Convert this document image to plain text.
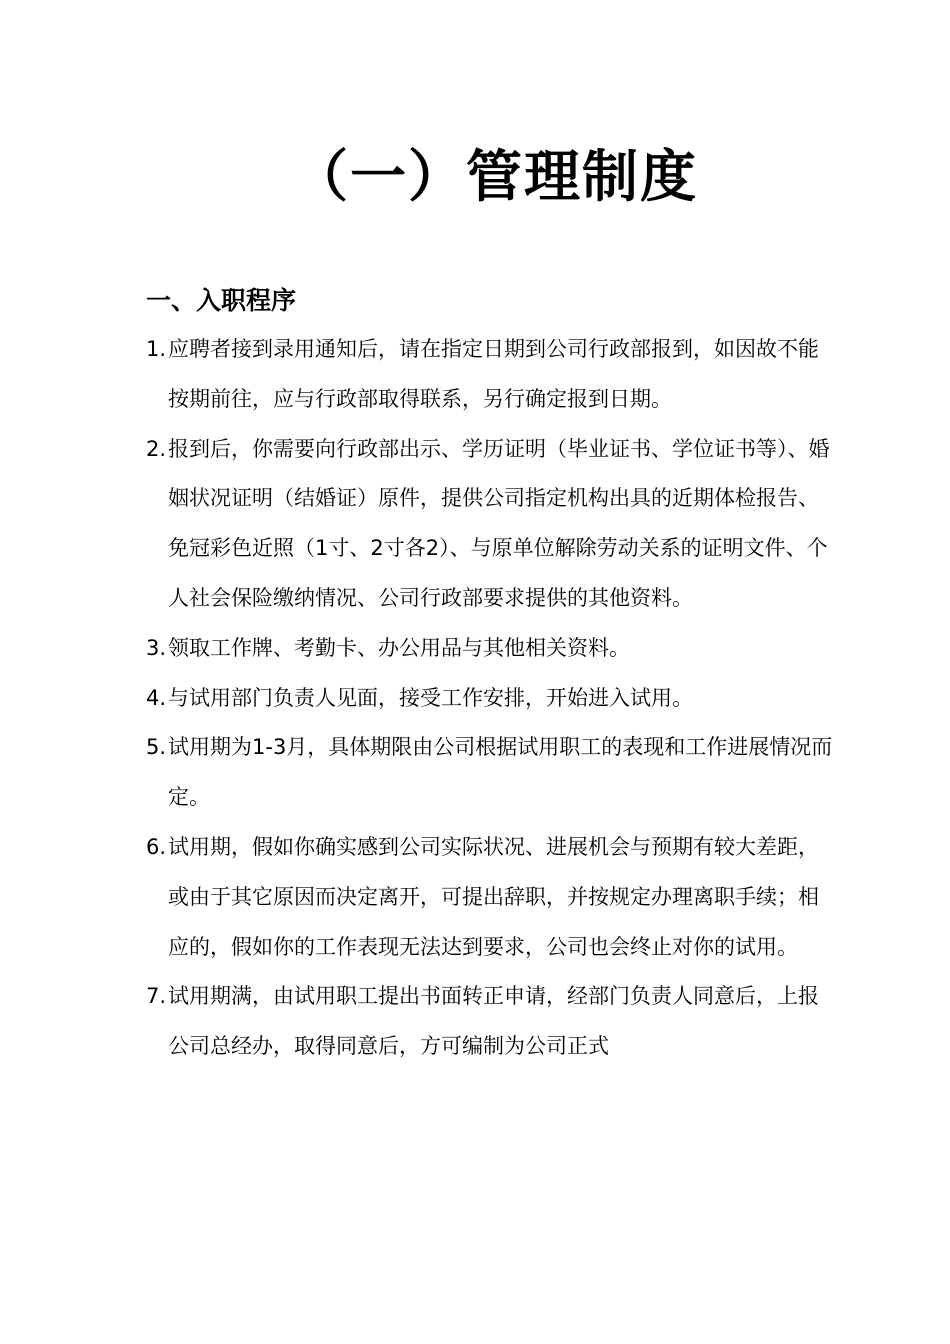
（一）管理制度
一、入职程序
1. 应聘者接到录用通知后，请在指定日期到公司行政部报到，如因故不能按期前往，应与行政部取得联系，另行确定报到日期。
2. 报到后，你需要向行政部出示、学历证明（毕业证书、学位证书等）、婚姻状况证明（结婚证）原件，提供公司指定机构出具的近期体检报告、免冠彩色近照（1寸、2寸各2）、与原单位解除劳动关系的证明文件、个人社会保险缴纳情况、公司行政部要求提供的其他资料。
3. 领取工作牌、考勤卡、办公用品与其他相关资料。
4. 与试用部门负责人见面，接受工作安排，开始进入试用。
5. 试用期为1-3月，具体期限由公司根据试用职工的表现和工作进展情况而定。
6. 试用期，假如你确实感到公司实际状况、进展机会与预期有较大差距，或由于其它原因而决定离开，可提出辞职，并按规定办理离职手续；相应的，假如你的工作表现无法达到要求，公司也会终止对你的试用。
7. 试用期满，由试用职工提出书面转正申请，经部门负责人同意后，上报公司总经办，取得同意后，方可编制为公司正式
